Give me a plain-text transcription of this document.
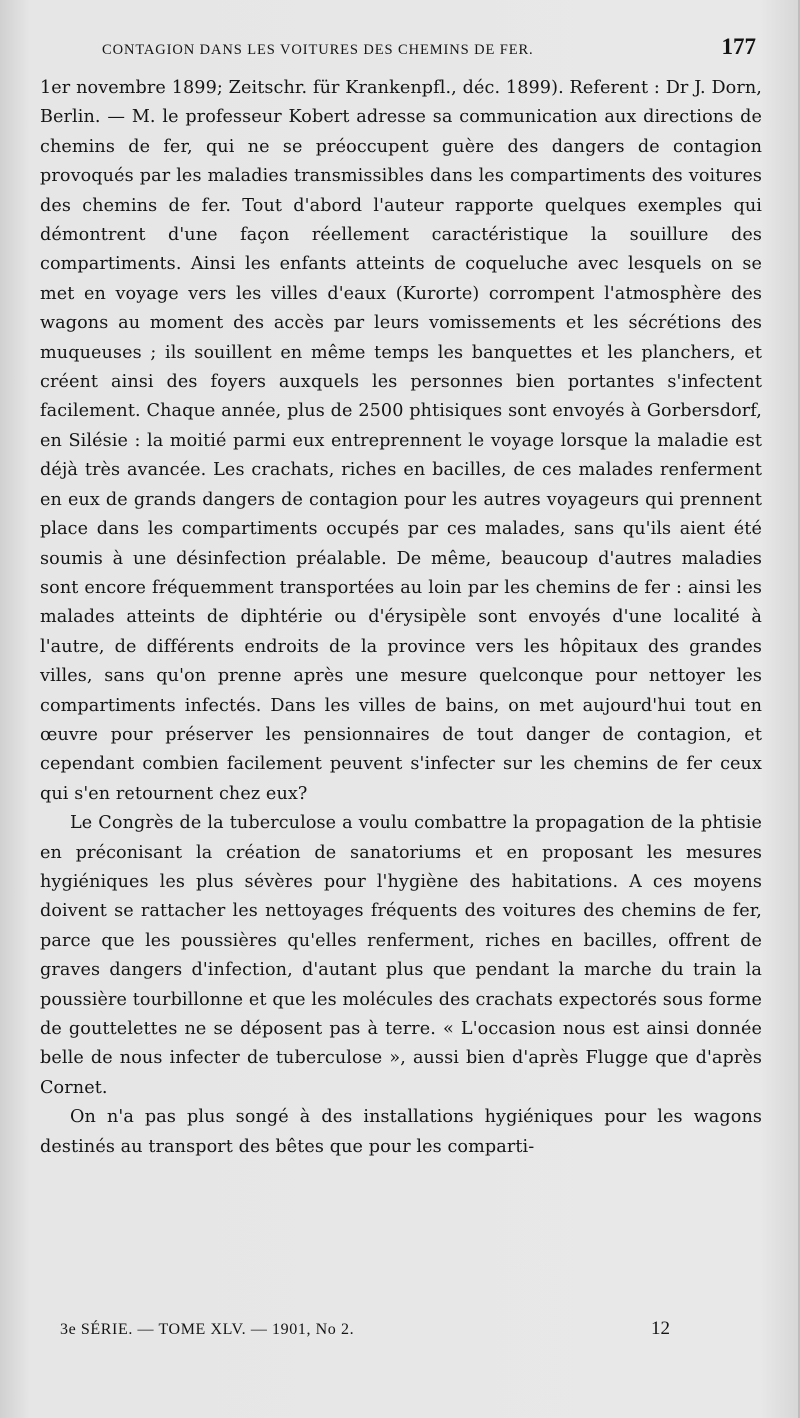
CONTAGION DANS LES VOITURES DES CHEMINS DE FER.	177

1er novembre 1899; Zeitschr. für Krankenpfl., déc. 1899). Referent : Dr J. Dorn, Berlin. — M. le professeur Kobert adresse sa communication aux directions de chemins de fer, qui ne se préoccupent guère des dangers de contagion provoqués par les maladies transmissibles dans les compartiments des voitures des chemins de fer. Tout d'abord l'auteur rapporte quelques exemples qui démontrent d'une façon réellement caractéristique la souillure des compartiments. Ainsi les enfants atteints de coqueluche avec lesquels on se met en voyage vers les villes d'eaux (Kurorte) corrompent l'atmosphère des wagons au moment des accès par leurs vomissements et les sécrétions des muqueuses ; ils souillent en même temps les banquettes et les planchers, et créent ainsi des foyers auxquels les personnes bien portantes s'infectent facilement. Chaque année, plus de 2500 phtisiques sont envoyés à Gorbersdorf, en Silésie : la moitié parmi eux entreprennent le voyage lorsque la maladie est déjà très avancée. Les crachats, riches en bacilles, de ces malades renferment en eux de grands dangers de contagion pour les autres voyageurs qui prennent place dans les compartiments occupés par ces malades, sans qu'ils aient été soumis à une désinfection préalable. De même, beaucoup d'autres maladies sont encore fréquemment transportées au loin par les chemins de fer : ainsi les malades atteints de diphtérie ou d'érysipèle sont envoyés d'une localité à l'autre, de différents endroits de la province vers les hôpitaux des grandes villes, sans qu'on prenne après une mesure quelconque pour nettoyer les compartiments infectés. Dans les villes de bains, on met aujourd'hui tout en œuvre pour préserver les pensionnaires de tout danger de contagion, et cependant combien facilement peuvent s'infecter sur les chemins de fer ceux qui s'en retournent chez eux?

Le Congrès de la tuberculose a voulu combattre la propagation de la phtisie en préconisant la création de sanatoriums et en proposant les mesures hygiéniques les plus sévères pour l'hygiène des habitations. A ces moyens doivent se rattacher les nettoyages fréquents des voitures des chemins de fer, parce que les poussières qu'elles renferment, riches en bacilles, offrent de graves dangers d'infection, d'autant plus que pendant la marche du train la poussière tourbillonne et que les molécules des crachats expectorés sous forme de gouttelettes ne se déposent pas à terre. « L'occasion nous est ainsi donnée belle de nous infecter de tuberculose », aussi bien d'après Flugge que d'après Cornet.

On n'a pas plus songé à des installations hygiéniques pour les wagons destinés au transport des bêtes que pour les comparti-

3e SÉRIE. — TOME XLV. — 1901, No 2.	12
